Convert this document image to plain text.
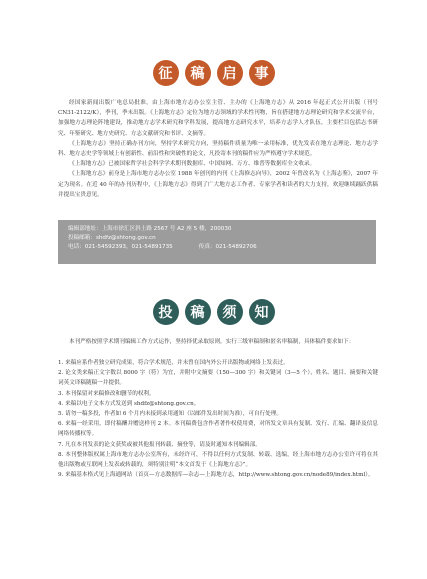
征	稿	启	事

经国家新闻出版广电总局批准，由上海市地方志办公室主管、主办的《上海地方志》从 2016 年起正式公开出版（刊号 CN31-2122/K），季刊，季末出版。《上海地方志》定位为地方志领域的学术性刊物，旨在搭建地方志理论研究和学术交流平台，加强地方志理论阵地建设，推动地方志学术研究和学科发展，提高地方志研究水平，培养方志学人才队伍，主要栏目包括志书研究、年鉴研究、地方史研究、方志文献研究和书评、文摘等。

《上海地方志》坚持正确办刊方向，坚持学术研究方向，坚持稿件质量为唯一录用标准，优先发表在地方志理论、地方志学科、地方志史学等领域上有创新性、前沿性和突破性的论文，凡投寄本刊的稿件应为严格遵守学术规范。

《上海地方志》已被国家哲学社会科学学术期刊数据库、中国知网、万方、维普等数据库全文收录。

《上海地方志》前身是上海市地方志办公室 1988 年创刊的内刊《上海修志向导》，2002 年曾改名为《上海志鉴》，2007 年定为现名。在近 40 年的办刊历程中，《上海地方志》得到了广大地方志工作者、专家学者和读者的大力支持，欢迎继续踊跃供稿并提出宝贵意见。

编辑部地址：上海市徐汇区斜土路 2567 号 A2 座 5 楼，200030
投稿邮箱：shdfz@shtong.gov.cn
电话：021-54592393，021-54891735	传真：021-54892706
投	稿	须	知
本刊严格按照学术期刊编辑工作方式运作，坚持择优录取原则，实行三级审稿制和匿名审稿制，具体稿件要求如下：
1. 来稿应系作者独立研究成果，符合学术规范，并未曾在国内外公开出版物或网络上发表过。
2. 论文类来稿正文字数以 8000 字（符）为宜，并附中文摘要（150—300 字）和关键词（3—5 个），姓名、题目、摘要和关键词英文译稿随稿一并提供。
3. 本刊保留对来稿修改和删节的权利。
4. 来稿以电子文本方式发送到 shdfz@shtong.gov.cn。
5. 请勿一稿多投，作者如 6 个月内未接到录用通知（以邮件发出时间为准），可自行处理。
6. 来稿一经采用，即付稿酬并赠送样刊 2 本。本刊稿费包含作者著作权使用费，对所发文章具有复制、发行、汇编、翻译及信息网络传播权等。
7. 凡在本刊发表的论文获奖或被其他报刊转载、摘登等，请及时通知本刊编辑部。
8. 本刊整体版权属上海市地方志办公室所有，未经许可，不得以任何方式复制、转载、选编，经上海市地方志办公室许可将在其他出版物或互联网上发表或转载的，须特别注明“本文首发于《上海地方志》”。
9. 来稿基本格式见上海通网站（首页—方志数据库—杂志—上海地方志，http://www.shtong.gov.cn/node89/index.html）。
